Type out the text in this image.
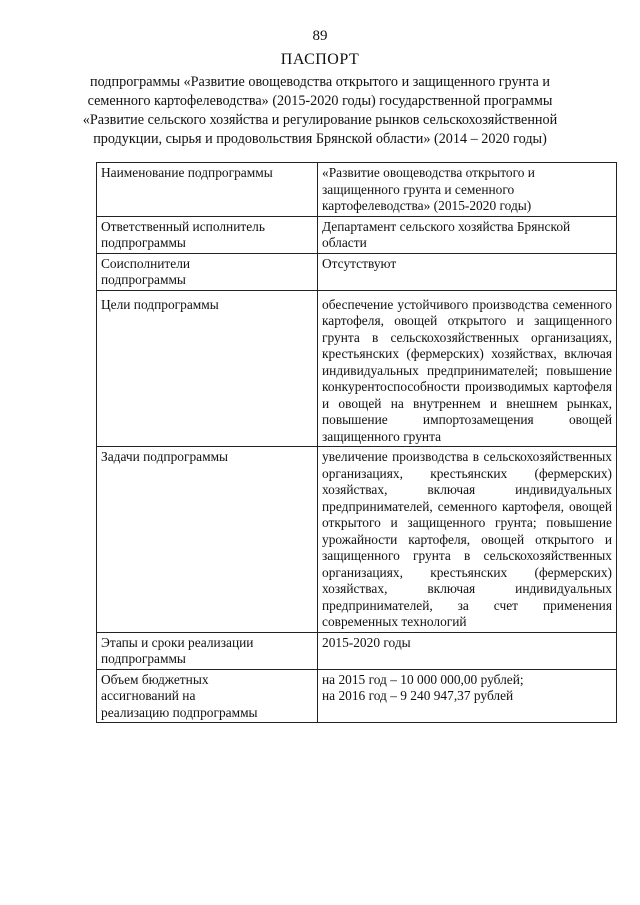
89
ПАСПОРТ
подпрограммы «Развитие овощеводства открытого и защищенного грунта и
семенного картофелеводства» (2015-2020 годы) государственной программы
«Развитие сельского хозяйства и регулирование рынков сельскохозяйственной
продукции, сырья и продовольствия Брянской области» (2014 – 2020 годы)
Наименование подпрограммы	«Развитие овощеводства открытого и
защищенного грунта и семенного
картофелеводства» (2015-2020 годы)

Ответственный исполнитель
подпрограммы	Департамент сельского хозяйства Брянской
области

Соисполнители
подпрограммы	Отсутствуют

Цели подпрограммы	обеспечение устойчивого производства семенного картофеля, овощей открытого и защищенного грунта в сельскохозяйственных организациях, крестьянских (фермерских) хозяйствах, включая индивидуальных предпринимателей; повышение конкурентоспособности производимых картофеля и овощей на внутреннем и внешнем рынках, повышение импортозамещения овощей защищенного грунта

Задачи подпрограммы	увеличение производства в сельскохозяйственных организациях, крестьянских (фермерских) хозяйствах, включая индивидуальных предпринимателей, семенного картофеля, овощей открытого и защищенного грунта; повышение урожайности картофеля, овощей открытого и защищенного грунта в сельскохозяйственных организациях, крестьянских (фермерских) хозяйствах, включая индивидуальных предпринимателей, за счет применения современных технологий

Этапы и сроки реализации
подпрограммы	2015-2020 годы

Объем бюджетных
ассигнований на
реализацию подпрограммы	на 2015 год – 10 000 000,00 рублей;
на 2016 год – 9 240 947,37 рублей
